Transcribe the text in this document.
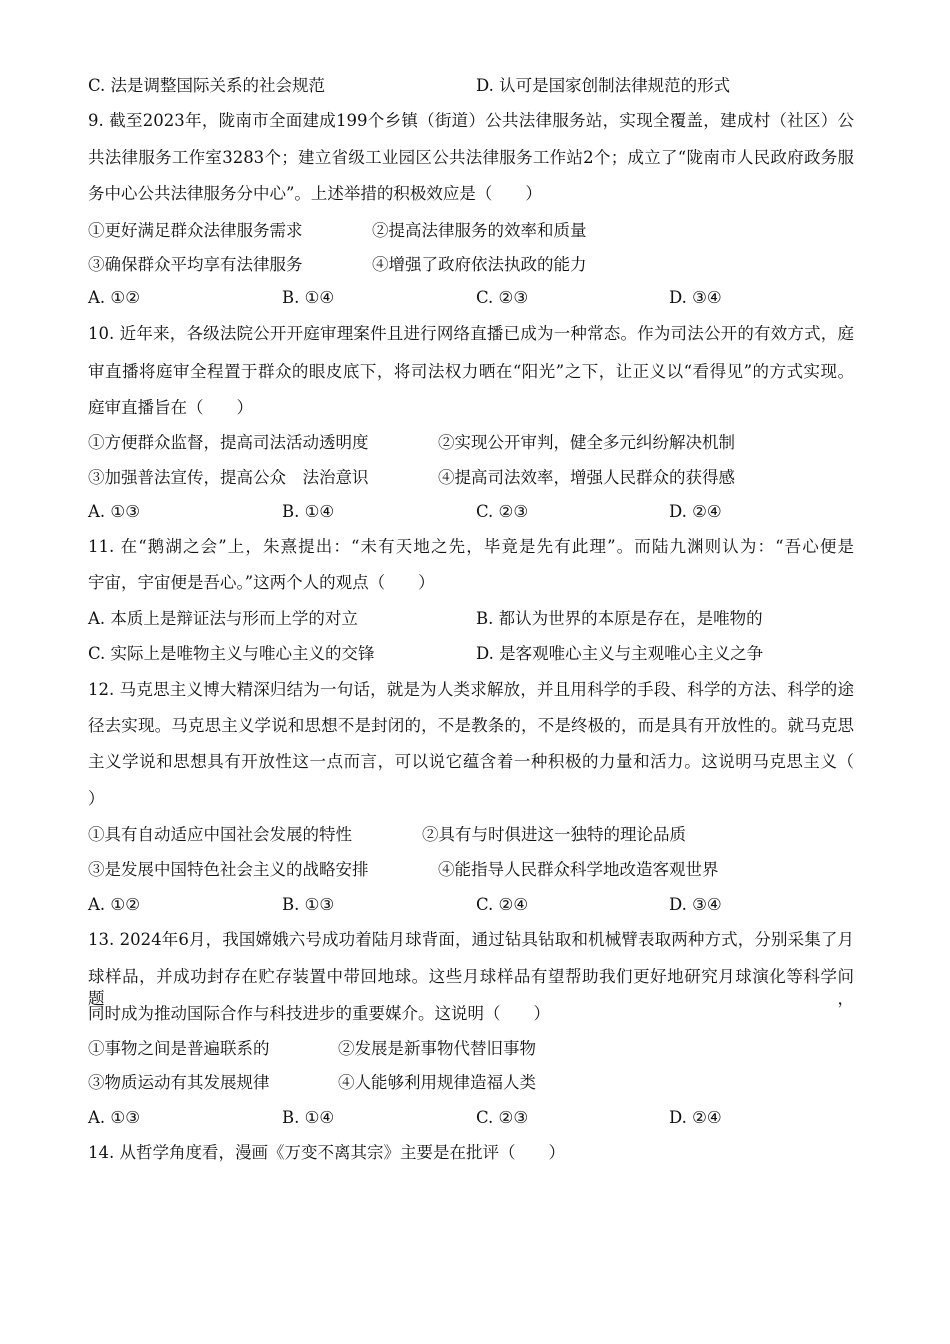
C. 法是调整国际关系的社会规范	D. 认可是国家创制法律规范的形式
9. 截至2023年，陇南市全面建成199个乡镇（街道）公共法律服务站，实现全覆盖，建成村（社区）公
共法律服务工作室3283个；建立省级工业园区公共法律服务工作站2个；成立了“陇南市人民政府政务服
务中心公共法律服务分中心”。上述举措的积极效应是（　　）
①更好满足群众法律服务需求	②提高法律服务的效率和质量
③确保群众平均享有法律服务	④增强了政府依法执政的能力
A. ①②	B. ①④	C. ②③	D. ③④
10. 近年来，各级法院公开开庭审理案件且进行网络直播已成为一种常态。作为司法公开的有效方式，庭
审直播将庭审全程置于群众的眼皮底下，将司法权力晒在“阳光”之下，让正义以“看得见”的方式实现。
庭审直播旨在（　　）
①方便群众监督，提高司法活动透明度	②实现公开审判，健全多元纠纷解决机制
③加强普法宣传，提高公众　法治意识	④提高司法效率，增强人民群众的获得感
A. ①③	B. ①④	C. ②③	D. ②④
11. 在“鹅湖之会”上，朱熹提出：“未有天地之先，毕竟是先有此理”。而陆九渊则认为：“吾心便是
宇宙，宇宙便是吾心。”这两个人的观点（　　）
A. 本质上是辩证法与形而上学的对立	B. 都认为世界的本原是存在，是唯物的
C. 实际上是唯物主义与唯心主义的交锋	D. 是客观唯心主义与主观唯心主义之争
12. 马克思主义博大精深归结为一句话，就是为人类求解放，并且用科学的手段、科学的方法、科学的途
径去实现。马克思主义学说和思想不是封闭的，不是教条的，不是终极的，而是具有开放性的。就马克思
主义学说和思想具有开放性这一点而言，可以说它蕴含着一种积极的力量和活力。这说明马克思主义（
）
①具有自动适应中国社会发展的特性	②具有与时俱进这一独特的理论品质
③是发展中国特色社会主义的战略安排	④能指导人民群众科学地改造客观世界
A. ①②	B. ①③	C. ②④	D. ③④
13. 2024年6月，我国嫦娥六号成功着陆月球背面，通过钻具钻取和机械臂表取两种方式，分别采集了月
球样品，并成功封存在贮存装置中带回地球。这些月球样品有望帮助我们更好地研究月球演化等科学问题，
同时成为推动国际合作与科技进步的重要媒介。这说明（　　）
①事物之间是普遍联系的	②发展是新事物代替旧事物
③物质运动有其发展规律	④人能够利用规律造福人类
A. ①③	B. ①④	C. ②③	D. ②④
14. 从哲学角度看，漫画《万变不离其宗》主要是在批评（　　）
